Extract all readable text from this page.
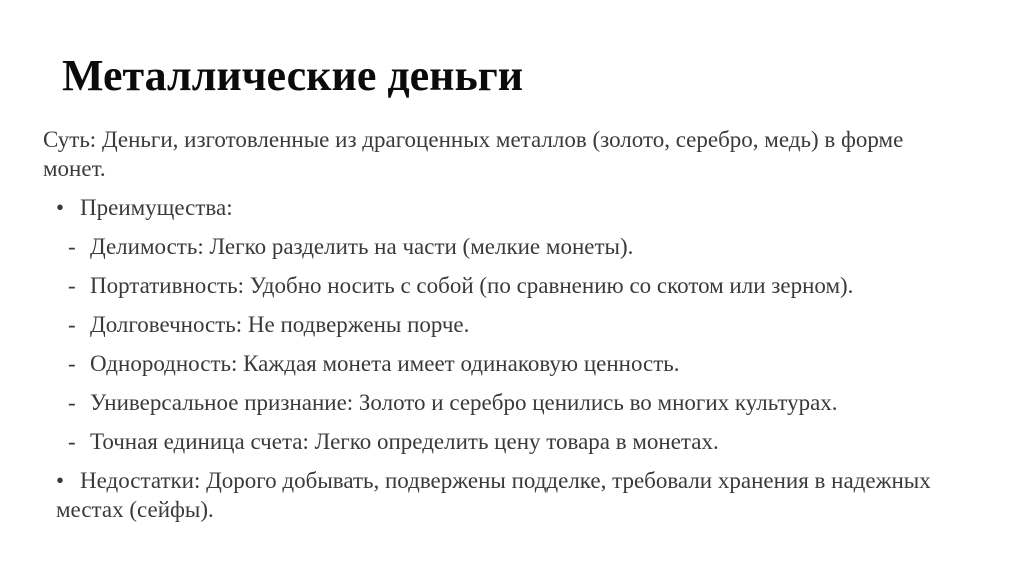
Металлические деньги

Суть: Деньги, изготовленные из драгоценных металлов (золото, серебро, медь) в форме монет.

• Преимущества:
- Делимость: Легко разделить на части (мелкие монеты).
- Портативность: Удобно носить с собой (по сравнению со скотом или зерном).
- Долговечность: Не подвержены порче.
- Однородность: Каждая монета имеет одинаковую ценность.
- Универсальное признание: Золото и серебро ценились во многих культурах.
- Точная единица счета: Легко определить цену товара в монетах.
• Недостатки: Дорого добывать, подвержены подделке, требовали хранения в надежных местах (сейфы).
